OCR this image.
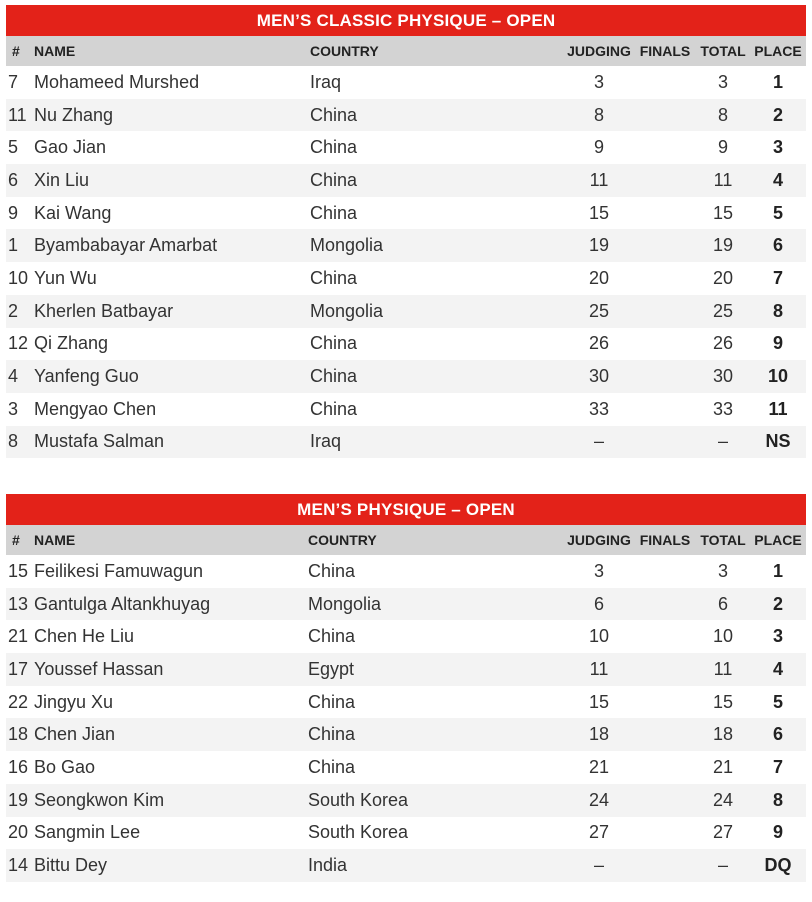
MEN’S CLASSIC PHYSIQUE – OPEN						
#	NAME	COUNTRY	JUDGING	FINALS	TOTAL	PLACE
7	Mohameed Murshed	Iraq	3		3	1
11	Nu Zhang	China	8		8	2
5	Gao Jian	China	9		9	3
6	Xin Liu	China	11		11	4
9	Kai Wang	China	15		15	5
1	Byambabayar Amarbat	Mongolia	19		19	6
10	Yun Wu	China	20		20	7
2	Kherlen Batbayar	Mongolia	25		25	8
12	Qi Zhang	China	26		26	9
4	Yanfeng Guo	China	30		30	10
3	Mengyao Chen	China	33		33	11
8	Mustafa Salman	Iraq	–		–	NS
MEN’S PHYSIQUE – OPEN						
#	NAME	COUNTRY	JUDGING	FINALS	TOTAL	PLACE
15	Feilikesi Famuwagun	China	3		3	1
13	Gantulga Altankhuyag	Mongolia	6		6	2
21	Chen He Liu	China	10		10	3
17	Youssef Hassan	Egypt	11		11	4
22	Jingyu Xu	China	15		15	5
18	Chen Jian	China	18		18	6
16	Bo Gao	China	21		21	7
19	Seongkwon Kim	South Korea	24		24	8
20	Sangmin Lee	South Korea	27		27	9
14	Bittu Dey	India	–		–	DQ
